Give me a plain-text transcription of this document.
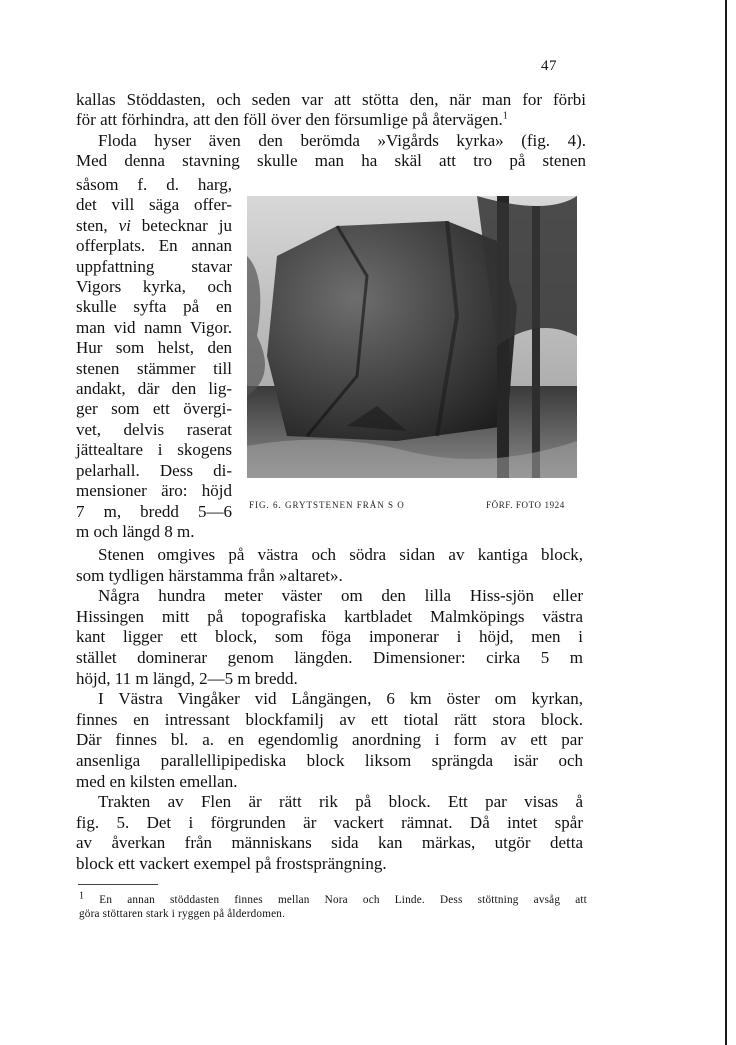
47
kallas Stöddasten, och seden var att stötta den, när man for förbi
för att förhindra, att den föll över den försumlige på återvägen.$^1$
Floda hyser även den berömda »Vigårds kyrka» (fig. 4).
Med denna stavning skulle man ha skäl att tro på stenen
såsom f. d. harg,
det vill säga offer-
sten, vi betecknar ju
offerplats. En annan
uppfattning stavar
Vigors kyrka, och
skulle syfta på en
man vid namn Vigor.
Hur som helst, den
stenen stämmer till
andakt, där den lig-
ger som ett övergi-
vet, delvis raserat
jättealtare i skogens
pelarhall. Dess di-
mensioner äro: höjd
7 m, bredd 5—6
m och längd 8 m.
FIG. 6. GRYTSTENEN FRÅN S O	FÖRF. FOTO 1924
Stenen omgives på västra och södra sidan av kantiga block,
som tydligen härstamma från »altaret».
Några hundra meter väster om den lilla Hiss-sjön eller
Hissingen mitt på topografiska kartbladet Malmköpings västra
kant ligger ett block, som föga imponerar i höjd, men i
stället dominerar genom längden. Dimensioner: cirka 5 m
höjd, 11 m längd, 2—5 m bredd.
I Västra Vingåker vid Långängen, 6 km öster om kyrkan,
finnes en intressant blockfamilj av ett tiotal rätt stora block.
Där finnes bl. a. en egendomlig anordning i form av ett par
ansenliga parallellipipediska block liksom sprängda isär och
med en kilsten emellan.
Trakten av Flen är rätt rik på block. Ett par visas å
fig. 5. Det i förgrunden är vackert rämnat. Då intet spår
av åverkan från människans sida kan märkas, utgör detta
block ett vackert exempel på frostsprängning.
$^1$ En annan stöddasten finnes mellan Nora och Linde. Dess stöttning avsåg att
göra stöttaren stark i ryggen på ålderdomen.
